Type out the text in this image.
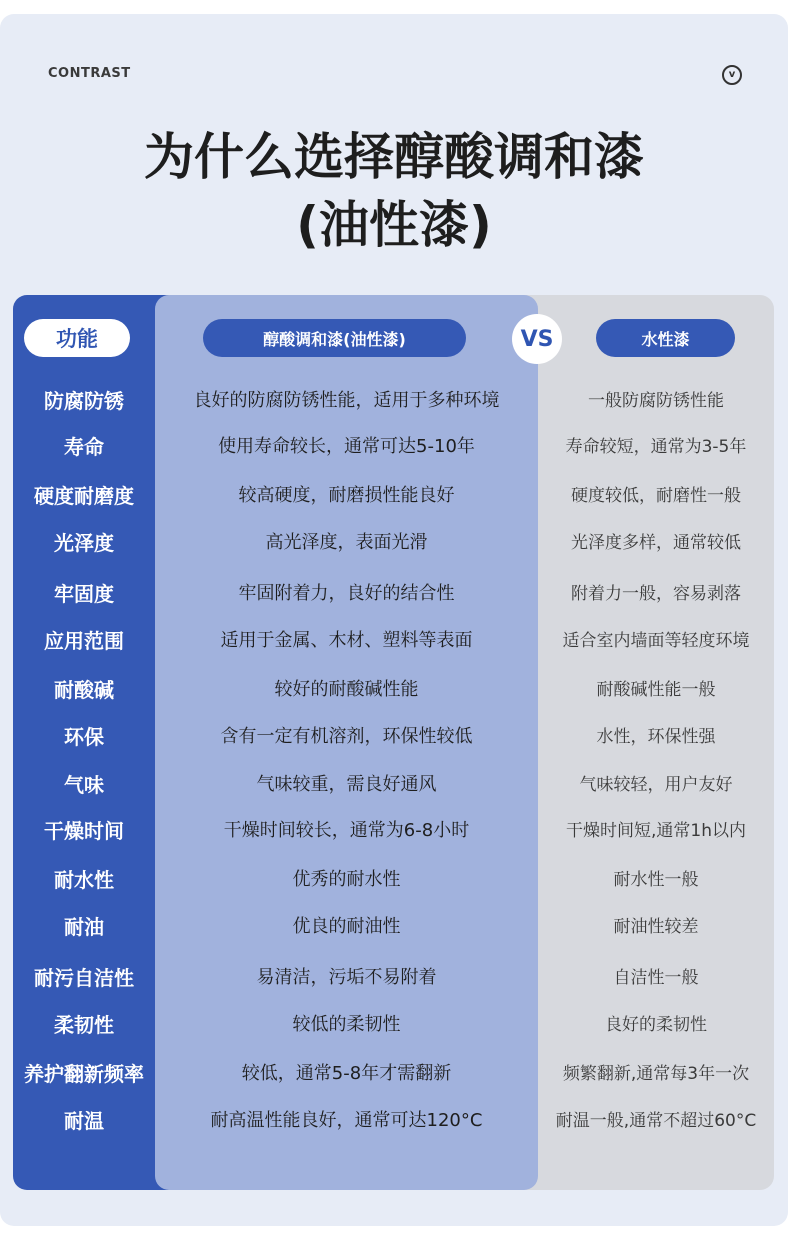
CONTRAST	v
为什么选择醇酸调和漆
(油性漆)
功能	醇酸调和漆(油性漆)	VS	水性漆
防腐防锈	良好的防腐防锈性能，适用于多种环境	一般防腐防锈性能
寿命	使用寿命较长，通常可达5-10年	寿命较短，通常为3-5年
硬度耐磨度	较高硬度，耐磨损性能良好	硬度较低，耐磨性一般
光泽度	高光泽度，表面光滑	光泽度多样，通常较低
牢固度	牢固附着力，良好的结合性	附着力一般，容易剥落
应用范围	适用于金属、木材、塑料等表面	适合室内墙面等轻度环境
耐酸碱	较好的耐酸碱性能	耐酸碱性能一般
环保	含有一定有机溶剂，环保性较低	水性，环保性强
气味	气味较重，需良好通风	气味较轻，用户友好
干燥时间	干燥时间较长，通常为6-8小时	干燥时间短,通常1h以内
耐水性	优秀的耐水性	耐水性一般
耐油	优良的耐油性	耐油性较差
耐污自洁性	易清洁，污垢不易附着	自洁性一般
柔韧性	较低的柔韧性	良好的柔韧性
养护翻新频率	较低，通常5-8年才需翻新	频繁翻新,通常每3年一次
耐温	耐高温性能良好，通常可达120°C	耐温一般,通常不超过60°C
